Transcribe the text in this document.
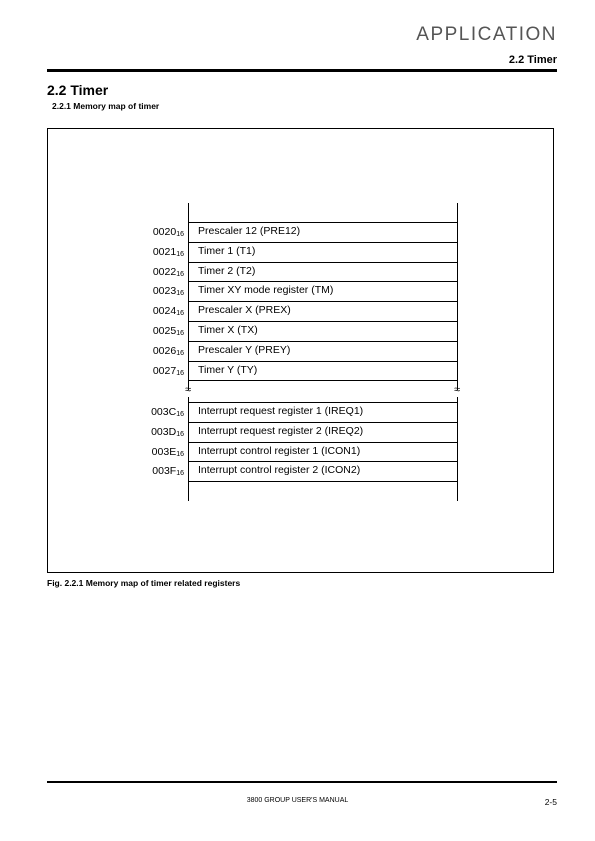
APPLICATION
2.2 Timer
2.2 Timer
2.2.1 Memory map of timer
$0020_{16}$ Prescaler 12 (PRE12)
$0021_{16}$ Timer 1 (T1)
$0022_{16}$ Timer 2 (T2)
$0023_{16}$ Timer XY mode register (TM)
$0024_{16}$ Prescaler X (PREX)
$0025_{16}$ Timer X (TX)
$0026_{16}$ Prescaler Y (PREY)
$0027_{16}$ Timer Y (TY)
≈	≈
$003C_{16}$ Interrupt request register 1 (IREQ1)
$003D_{16}$ Interrupt request register 2 (IREQ2)
$003E_{16}$ Interrupt control register 1 (ICON1)
$003F_{16}$ Interrupt control register 2 (ICON2)
Fig. 2.2.1 Memory map of timer related registers
3800 GROUP USER'S MANUAL	2-5
